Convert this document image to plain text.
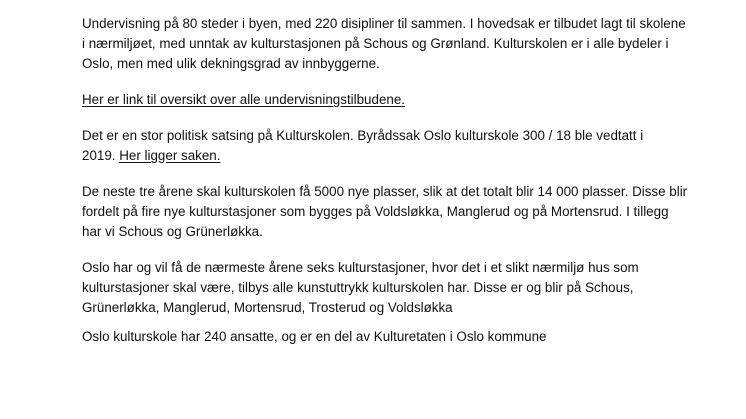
Undervisning på 80 steder i byen, med 220 disipliner til sammen. I hovedsak er tilbudet lagt til skolene
i nærmiljøet, med unntak av kulturstasjonen på Schous og Grønland. Kulturskolen er i alle bydeler i
Oslo, men med ulik dekningsgrad av innbyggerne.

Her er link til oversikt over alle undervisningstilbudene.

Det er en stor politisk satsing på Kulturskolen. Byrådssak Oslo kulturskole 300 / 18 ble vedtatt i
2019. Her ligger saken.

De neste tre årene skal kulturskolen få 5000 nye plasser, slik at det totalt blir 14 000 plasser. Disse blir
fordelt på fire nye kulturstasjoner som bygges på Voldsløkka, Manglerud og på Mortensrud. I tillegg
har vi Schous og Grünerløkka.

Oslo har og vil få de nærmeste årene seks kulturstasjoner, hvor det i et slikt nærmiljø hus som
kulturstasjoner skal være, tilbys alle kunstuttrykk kulturskolen har. Disse er og blir på Schous,
Grünerløkka, Manglerud, Mortensrud, Trosterud og Voldsløkka

Oslo kulturskole har 240 ansatte, og er en del av Kulturetaten i Oslo kommune
